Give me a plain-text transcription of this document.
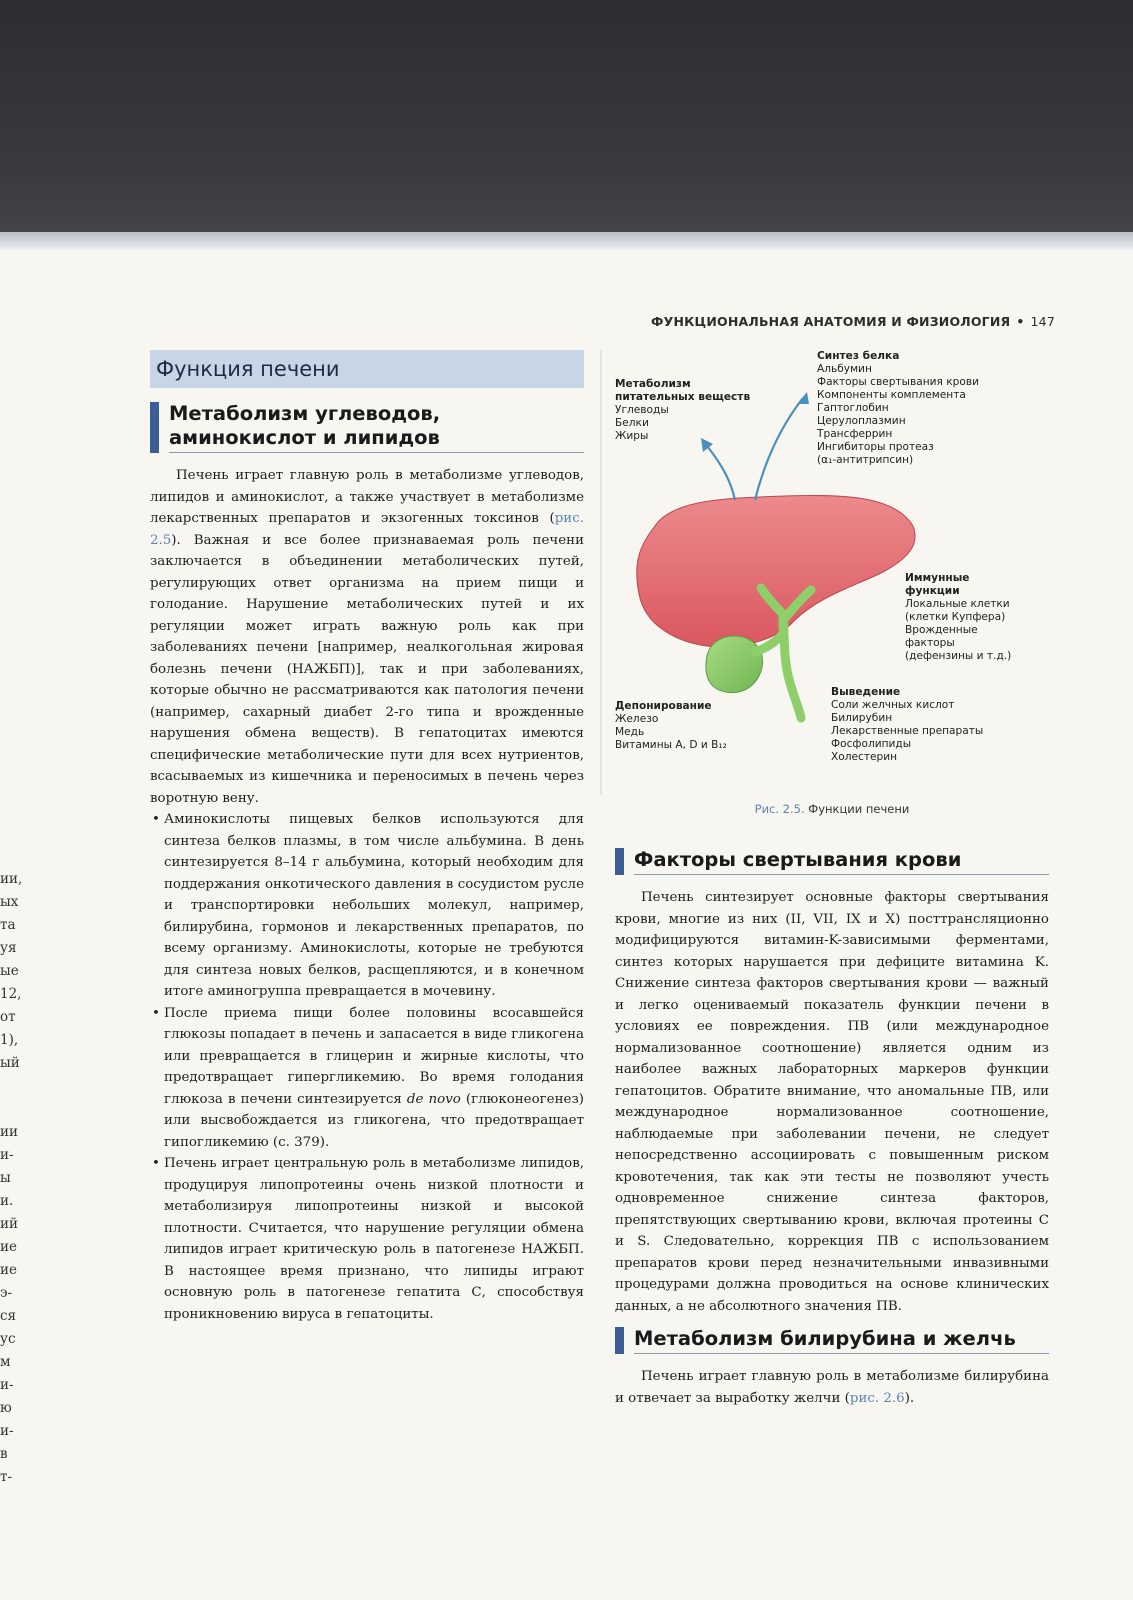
ФУНКЦИОНАЛЬНАЯ АНАТОМИЯ И ФИЗИОЛОГИЯ • 147
ии,
ых
та
уя
ые
12,
от
1),
ый
ии
и-
ы
и.
ий
ие
ие
э-
ся
ус
м
и-
ю
и-
в
т-
Функция печени
Метаболизм углеводов, аминокислот и липидов

Печень играет главную роль в метаболизме углеводов, липидов и аминокислот, а также участвует в метаболизме лекарственных препаратов и экзогенных токсинов (рис. 2.5). Важная и все более признаваемая роль печени заключается в объединении метаболических путей, регулирующих ответ организма на прием пищи и голодание. Нарушение метаболических путей и их регуляции может играть важную роль как при заболеваниях печени [например, неалкогольная жировая болезнь печени (НАЖБП)], так и при заболеваниях, которые обычно не рассматриваются как патология печени (например, сахарный диабет 2-го типа и врожденные нарушения обмена веществ). В гепатоцитах имеются специфические метаболические пути для всех нутриентов, всасываемых из кишечника и переносимых в печень через воротную вену.

• Аминокислоты пищевых белков используются для синтеза белков плазмы, в том числе альбумина. В день синтезируется 8–14 г альбумина, который необходим для поддержания онкотического давления в сосудистом русле и транспортировки небольших молекул, например, билирубина, гормонов и лекарственных препаратов, по всему организму. Аминокислоты, которые не требуются для синтеза новых белков, расщепляются, и в конечном итоге аминогруппа превращается в мочевину.
• После приема пищи более половины всосавшейся глюкозы попадает в печень и запасается в виде гликогена или превращается в глицерин и жирные кислоты, что предотвращает гипергликемию. Во время голодания глюкоза в печени синтезируется de novo (глюконеогенез) или высвобождается из гликогена, что предотвращает гипогликемию (с. 379).
• Печень играет центральную роль в метаболизме липидов, продуцируя липопротеины очень низкой плотности и метаболизируя липопротеины низкой и высокой плотности. Считается, что нарушение регуляции обмена липидов играет критическую роль в патогенезе НАЖБП. В настоящее время признано, что липиды играют основную роль в патогенезе гепатита С, способствуя проникновению вируса в гепатоциты.
Метаболизм
питательных веществ
Углеводы
Белки
Жиры
Синтез белка
Альбумин
Факторы свертывания крови
Компоненты комплемента
Гаптоглобин
Церулоплазмин
Трансферрин
Ингибиторы протеаз
(α₁-антитрипсин)
Иммунные
функции
Локальные клетки
(клетки Купфера)
Врожденные
факторы
(дефензины и т.д.)
Депонирование
Железо
Медь
Витамины A, D и B₁₂
Выведение
Соли желчных кислот
Билирубин
Лекарственные препараты
Фосфолипиды
Холестерин
Рис. 2.5. Функции печени
Факторы свертывания крови

Печень синтезирует основные факторы свертывания крови, многие из них (II, VII, IX и X) посттрансляционно модифицируются витамин-K-зависимыми ферментами, синтез которых нарушается при дефиците витамина K. Снижение синтеза факторов свертывания крови — важный и легко оцениваемый показатель функции печени в условиях ее повреждения. ПВ (или международное нормализованное соотношение) является одним из наиболее важных лабораторных маркеров функции гепатоцитов. Обратите внимание, что аномальные ПВ, или международное нормализованное соотношение, наблюдаемые при заболевании печени, не следует непосредственно ассоциировать с повышенным риском кровотечения, так как эти тесты не позволяют учесть одновременное снижение синтеза факторов, препятствующих свертыванию крови, включая протеины C и S. Следовательно, коррекция ПВ с использованием препаратов крови перед незначительными инвазивными процедурами должна проводиться на основе клинических данных, а не абсолютного значения ПВ.

Метаболизм билирубина и желчь

Печень играет главную роль в метаболизме билирубина и отвечает за выработку желчи (рис. 2.6).
